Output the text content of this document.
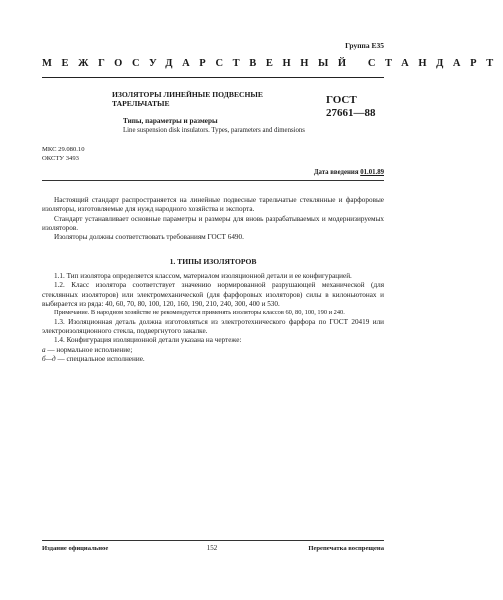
Группа Е35
МЕЖГОСУДАРСТВЕННЫЙ СТАНДАРТ
ИЗОЛЯТОРЫ ЛИНЕЙНЫЕ ПОДВЕСНЫЕ
ТАРЕЛЬЧАТЫЕ
Типы, параметры и размеры
ГОСТ
27661—88
Line suspension disk insulators. Types, parameters and dimensions
МКС 29.080.10
ОКСТУ 3493
Дата введения 01.01.89

Настоящий стандарт распространяется на линейные подвесные тарельчатые стеклянные и фарфоровые изоляторы, изготовляемые для нужд народного хозяйства и экспорта.

Стандарт устанавливает основные параметры и размеры для вновь разрабатываемых и модернизируемых изоляторов.

Изоляторы должны соответствовать требованиям ГОСТ 6490.

1. ТИПЫ ИЗОЛЯТОРОВ

1.1. Тип изолятора определяется классом, материалом изоляционной детали и ее конфигурацией.

1.2. Класс изолятора соответствует значению нормированной разрушающей механической (для стеклянных изоляторов) или электромеханической (для фарфоровых изоляторов) силы в килоньютонах и выбирается из ряда: 40, 60, 70, 80, 100, 120, 160, 190, 210, 240, 300, 400 и 530.

Примечание. В народном хозяйстве не рекомендуется применять изоляторы классов 60, 80, 100, 190 и 240.

1.3. Изоляционная деталь должна изготовляться из электротехнического фарфора по ГОСТ 20419 или электроизоляционного стекла, подвергнутого закалке.

1.4. Конфигурация изоляционной детали указана на чертеже:

а — нормальное исполнение;

б—д — специальное исполнение.

Издание официальное	152	Перепечатка воспрещена
